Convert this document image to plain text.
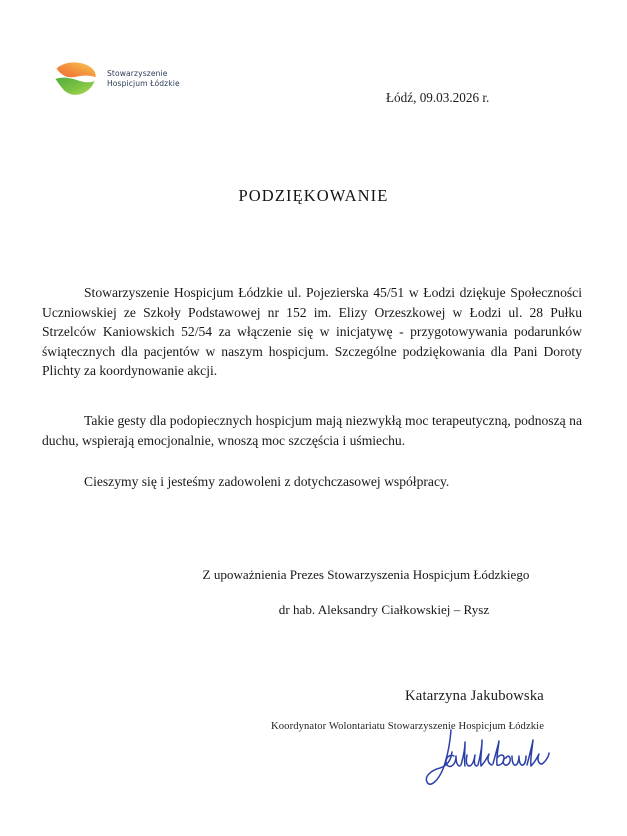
Stowarzyszenie
Hospicjum Łódzkie
Łódź, 09.03.2026 r.
PODZIĘKOWANIE

Stowarzyszenie Hospicjum Łódzkie ul. Pojezierska 45/51 w Łodzi dziękuje Społeczności Uczniowskiej ze Szkoły Podstawowej nr 152 im. Elizy Orzeszkowej w Łodzi ul. 28 Pułku Strzelców Kaniowskich 52/54 za włączenie się w inicjatywę - przygotowywania podarunków świątecznych dla pacjentów w naszym hospicjum. Szczególne podziękowania dla Pani Doroty Plichty za koordynowanie akcji.

Takie gesty dla podopiecznych hospicjum mają niezwykłą moc terapeutyczną, podnoszą na duchu, wspierają emocjonalnie, wnoszą moc szczęścia i uśmiechu.

Cieszymy się i jesteśmy zadowoleni z dotychczasowej współpracy.

Z upoważnienia Prezes Stowarzyszenia Hospicjum Łódzkiego
dr hab. Aleksandry Ciałkowskiej – Rysz
Katarzyna Jakubowska
Koordynator Wolontariatu Stowarzyszenie Hospicjum Łódzkie
